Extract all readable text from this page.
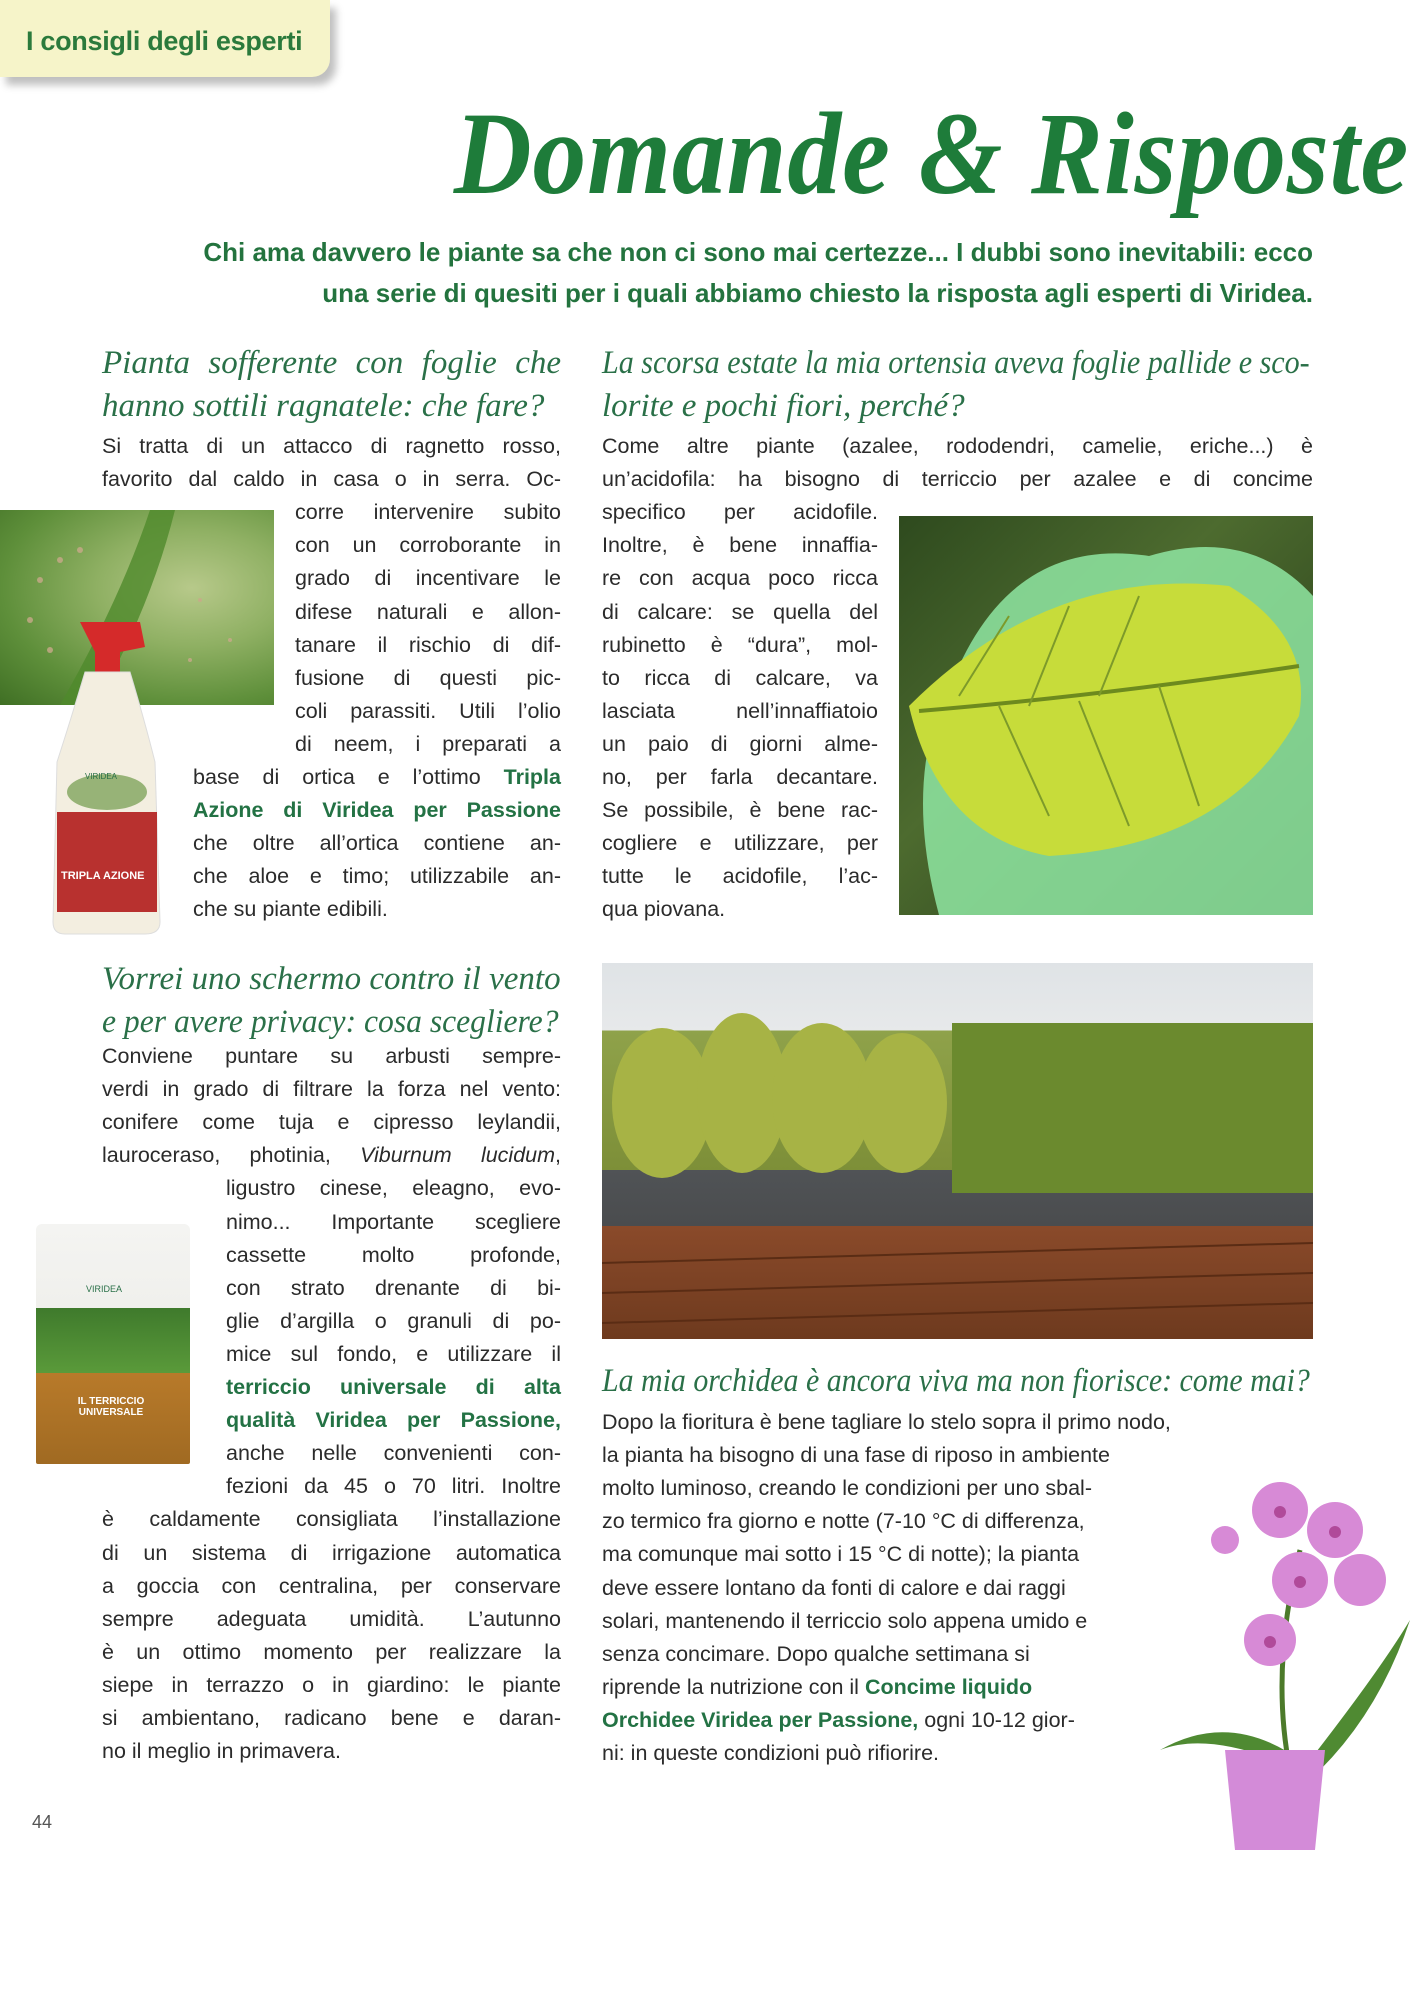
I consigli degli esperti
Domande & Risposte
Chi ama davvero le piante sa che non ci sono mai certezze... I dubbi sono inevitabili: ecco
una serie di quesiti per i quali abbiamo chiesto la risposta agli esperti di Viridea.
TRIPLA AZIONE
VIRIDEA
IL TERRICCIO UNIVERSALE
VIRIDEA
Pianta sofferente con foglie che
hanno sottili ragnatele: che fare?
Si tratta di un attacco di ragnetto rosso,
favorito dal caldo in casa o in serra. Oc-
corre intervenire subito
con un corroborante in
grado di incentivare le
difese naturali e allon-
tanare il rischio di dif-
fusione di questi pic-
coli parassiti. Utili l’olio
di neem, i preparati a
base di ortica e l’ottimo Tripla
Azione di Viridea per Passione
che oltre all’ortica contiene an-
che aloe e timo; utilizzabile an-
che su piante edibili.
La scorsa estate la mia ortensia aveva foglie pallide e sco-
lorite e pochi fiori, perché?
Come altre piante (azalee, rododendri, camelie, eriche...) è
un’acidofila: ha bisogno di terriccio per azalee e di concime
specifico per acidofile.
Inoltre, è bene innaffia-
re con acqua poco ricca
di calcare: se quella del
rubinetto è “dura”, mol-
to ricca di calcare, va
lasciata nell’innaffiatoio
un paio di giorni alme-
no, per farla decantare.
Se possibile, è bene rac-
cogliere e utilizzare, per
tutte le acidofile, l’ac-
qua piovana.
Vorrei uno schermo contro il vento
e per avere privacy: cosa scegliere?
Conviene puntare su arbusti sempre-
verdi in grado di filtrare la forza nel vento:
conifere come tuja e cipresso leylandii,
lauroceraso, photinia, Viburnum lucidum,
ligustro cinese, eleagno, evo-
nimo... Importante scegliere
cassette molto profonde,
con strato drenante di bi-
glie d’argilla o granuli di po-
mice sul fondo, e utilizzare il
terriccio universale di alta
qualità Viridea per Passione,
anche nelle convenienti con-
fezioni da 45 o 70 litri. Inoltre
è caldamente consigliata l’installazione
di un sistema di irrigazione automatica
a goccia con centralina, per conservare
sempre adeguata umidità. L’autunno
è un ottimo momento per realizzare la
siepe in terrazzo o in giardino: le piante
si ambientano, radicano bene e daran-
no il meglio in primavera.
La mia orchidea è ancora viva ma non fiorisce: come mai?
Dopo la fioritura è bene tagliare lo stelo sopra il primo nodo,
la pianta ha bisogno di una fase di riposo in ambiente
molto luminoso, creando le condizioni per uno sbal-
zo termico fra giorno e notte (7-10 °C di differenza,
ma comunque mai sotto i 15 °C di notte); la pianta
deve essere lontano da fonti di calore e dai raggi
solari, mantenendo il terriccio solo appena umido e
senza concimare. Dopo qualche settimana si
riprende la nutrizione con il Concime liquido
Orchidee Viridea per Passione, ogni 10-12 gior-
ni: in queste condizioni può rifiorire.
44
